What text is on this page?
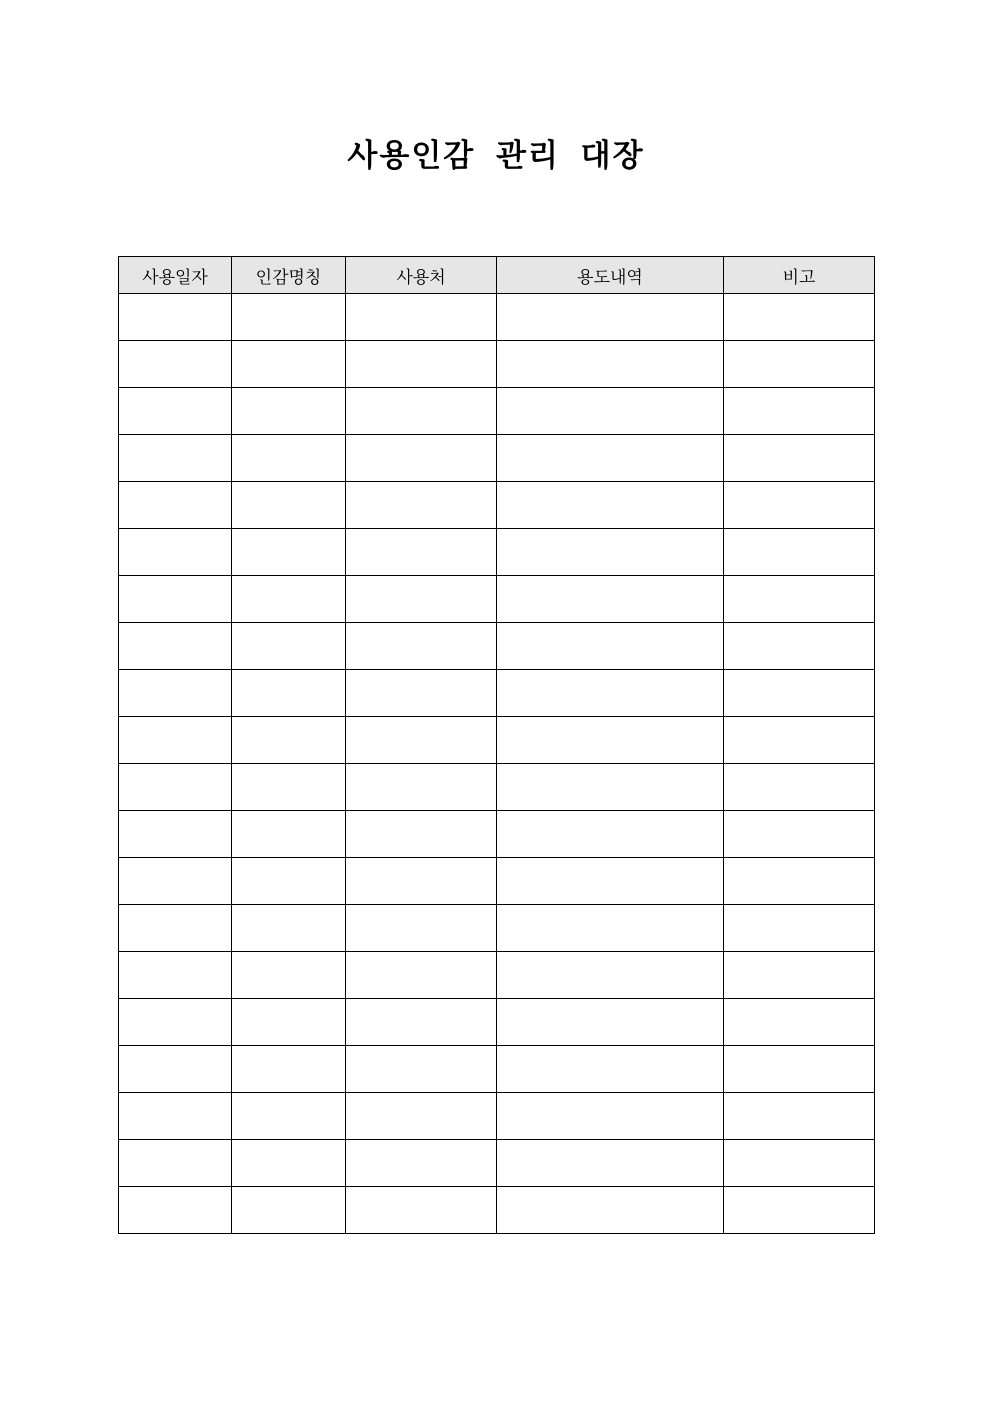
사용인감 관리 대장
사용일자	인감명칭	사용처	용도내역	비고
